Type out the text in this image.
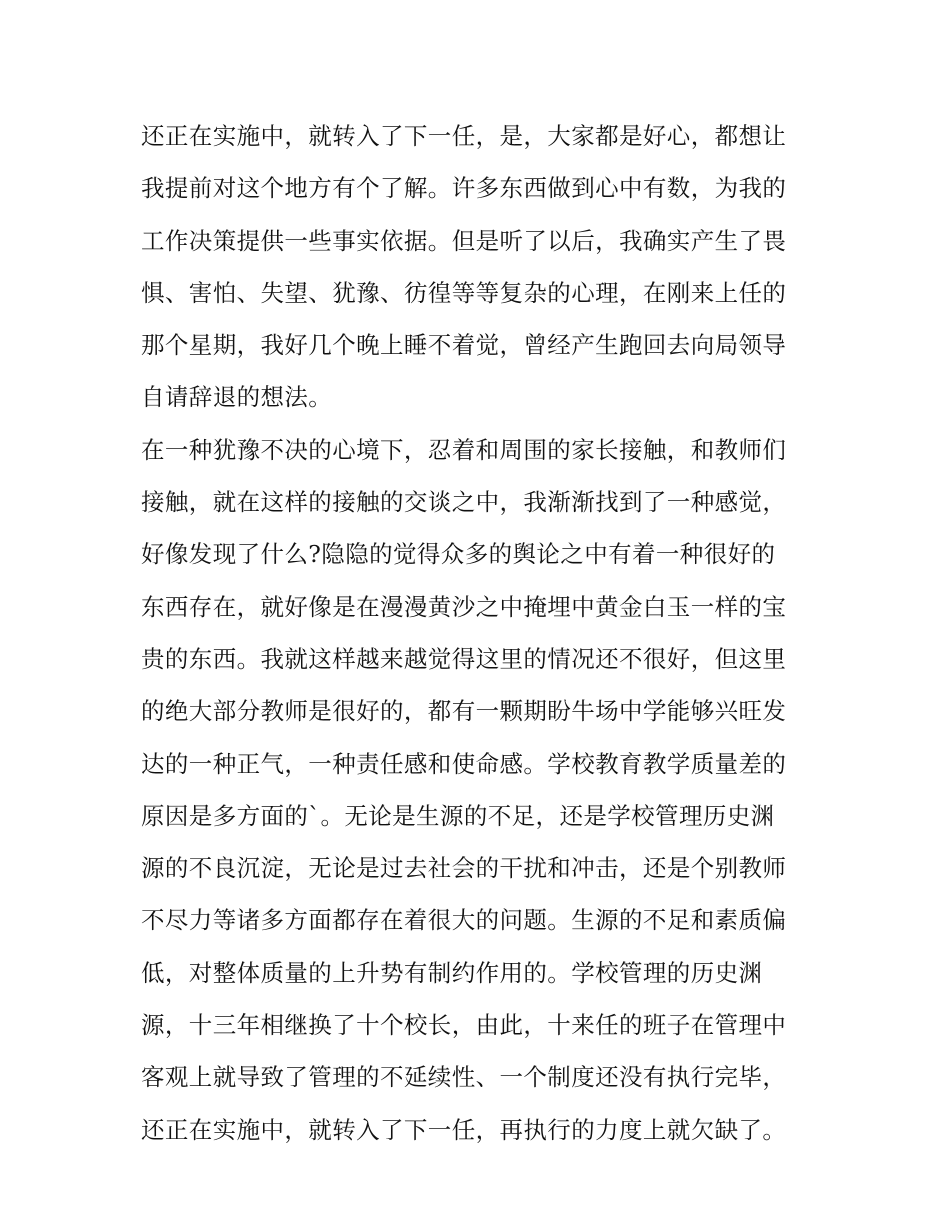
还正在实施中，就转入了下一任，是，大家都是好心，都想让
我提前对这个地方有个了解。许多东西做到心中有数，为我的
工作决策提供一些事实依据。但是听了以后，我确实产生了畏
惧、害怕、失望、犹豫、彷徨等等复杂的心理，在刚来上任的
那个星期，我好几个晚上睡不着觉，曾经产生跑回去向局领导
自请辞退的想法。
在一种犹豫不决的心境下，忍着和周围的家长接触，和教师们
接触，就在这样的接触的交谈之中，我渐渐找到了一种感觉，
好像发现了什么?隐隐的觉得众多的舆论之中有着一种很好的
东西存在，就好像是在漫漫黄沙之中掩埋中黄金白玉一样的宝
贵的东西。我就这样越来越觉得这里的情况还不很好，但这里
的绝大部分教师是很好的，都有一颗期盼牛场中学能够兴旺发
达的一种正气，一种责任感和使命感。学校教育教学质量差的
原因是多方面的`。无论是生源的不足，还是学校管理历史渊
源的不良沉淀，无论是过去社会的干扰和冲击，还是个别教师
不尽力等诸多方面都存在着很大的问题。生源的不足和素质偏
低，对整体质量的上升势有制约作用的。学校管理的历史渊
源，十三年相继换了十个校长，由此，十来任的班子在管理中
客观上就导致了管理的不延续性、一个制度还没有执行完毕，
还正在实施中，就转入了下一任，再执行的力度上就欠缺了。
